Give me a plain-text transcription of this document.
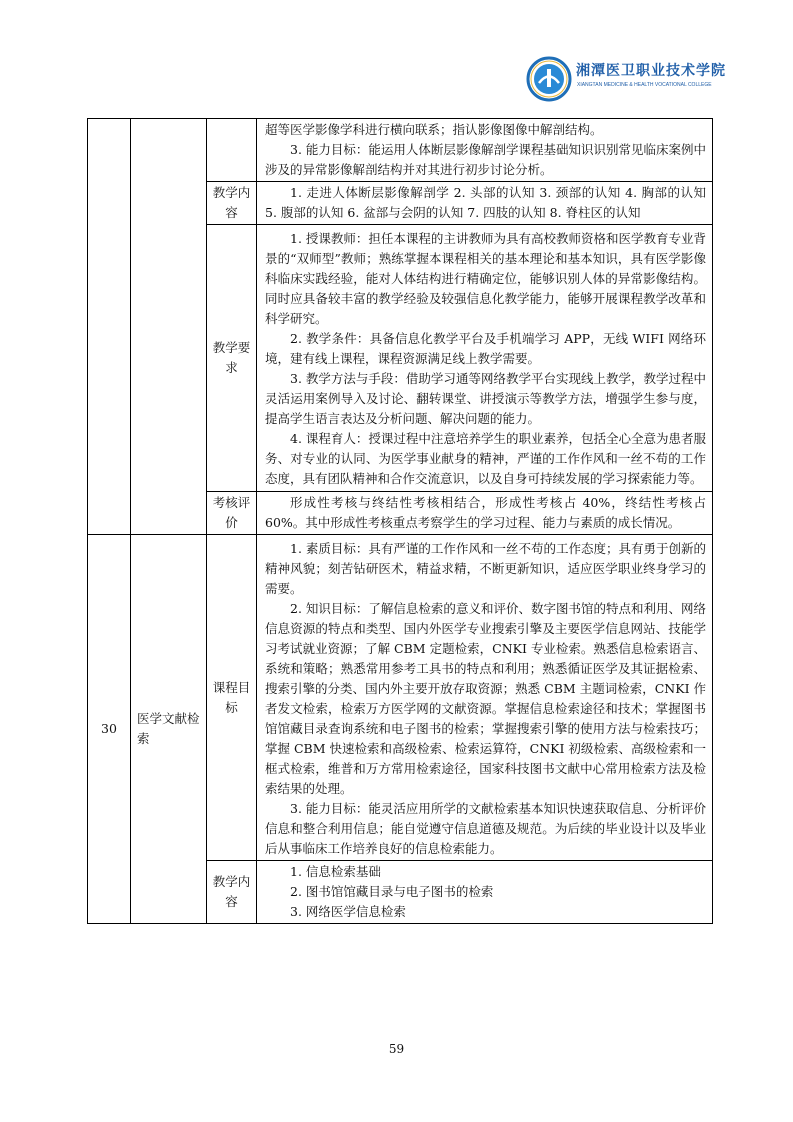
湘潭医卫职业技术学院
XIANGTAN MEDICINE & HEALTH VOCATIONAL COLLEGE

			超等医学影像学科进行横向联系；指认影像图像中解剖结构。

3. 能力目标：能运用人体断层影像解剖学课程基础知识识别常见临床案例中涉及的异常影像解剖结构并对其进行初步讨论分析。

		教学内容	1. 走进人体断层影像解剖学 2. 头部的认知 3. 颈部的认知 4. 胸部的认知 5. 腹部的认知 6. 盆部与会阴的认知 7. 四肢的认知 8. 脊柱区的认知

		教学要求	1. 授课教师：担任本课程的主讲教师为具有高校教师资格和医学教育专业背景的“双师型”教师；熟练掌握本课程相关的基本理论和基本知识，具有医学影像科临床实践经验，能对人体结构进行精确定位，能够识别人体的异常影像结构。同时应具备较丰富的教学经验及较强信息化教学能力，能够开展课程教学改革和科学研究。

2. 教学条件：具备信息化教学平台及手机端学习 APP，无线 WIFI 网络环境，建有线上课程，课程资源满足线上教学需要。

3. 教学方法与手段：借助学习通等网络教学平台实现线上教学，教学过程中灵活运用案例导入及讨论、翻转课堂、讲授演示等教学方法，增强学生参与度，提高学生语言表达及分析问题、解决问题的能力。

4. 课程育人：授课过程中注意培养学生的职业素养，包括全心全意为患者服务、对专业的认同、为医学事业献身的精神，严谨的工作作风和一丝不苟的工作态度，具有团队精神和合作交流意识，以及自身可持续发展的学习探索能力等。

		考核评价	形成性考核与终结性考核相结合，形成性考核占 40%，终结性考核占 60%。其中形成性考核重点考察学生的学习过程、能力与素质的成长情况。

30	医学文献检索	课程目标	1. 素质目标：具有严谨的工作作风和一丝不苟的工作态度；具有勇于创新的精神风貌；刻苦钻研医术，精益求精，不断更新知识，适应医学职业终身学习的需要。

2. 知识目标：了解信息检索的意义和评价、数字图书馆的特点和利用、网络信息资源的特点和类型、国内外医学专业搜索引擎及主要医学信息网站、技能学习考试就业资源；了解 CBM 定题检索，CNKI 专业检索。熟悉信息检索语言、系统和策略；熟悉常用参考工具书的特点和利用；熟悉循证医学及其证据检索、搜索引擎的分类、国内外主要开放存取资源；熟悉 CBM 主题词检索，CNKI 作者发文检索，检索万方医学网的文献资源。掌握信息检索途径和技术；掌握图书馆馆藏目录查询系统和电子图书的检索；掌握搜索引擎的使用方法与检索技巧；掌握 CBM 快速检索和高级检索、检索运算符，CNKI 初级检索、高级检索和一框式检索，维普和万方常用检索途径，国家科技图书文献中心常用检索方法及检索结果的处理。

3. 能力目标：能灵活应用所学的文献检索基本知识快速获取信息、分析评价信息和整合利用信息；能自觉遵守信息道德及规范。为后续的毕业设计以及毕业后从事临床工作培养良好的信息检索能力。

		教学内容	1. 信息检索基础

2. 图书馆馆藏目录与电子图书的检索

3. 网络医学信息检索

59
